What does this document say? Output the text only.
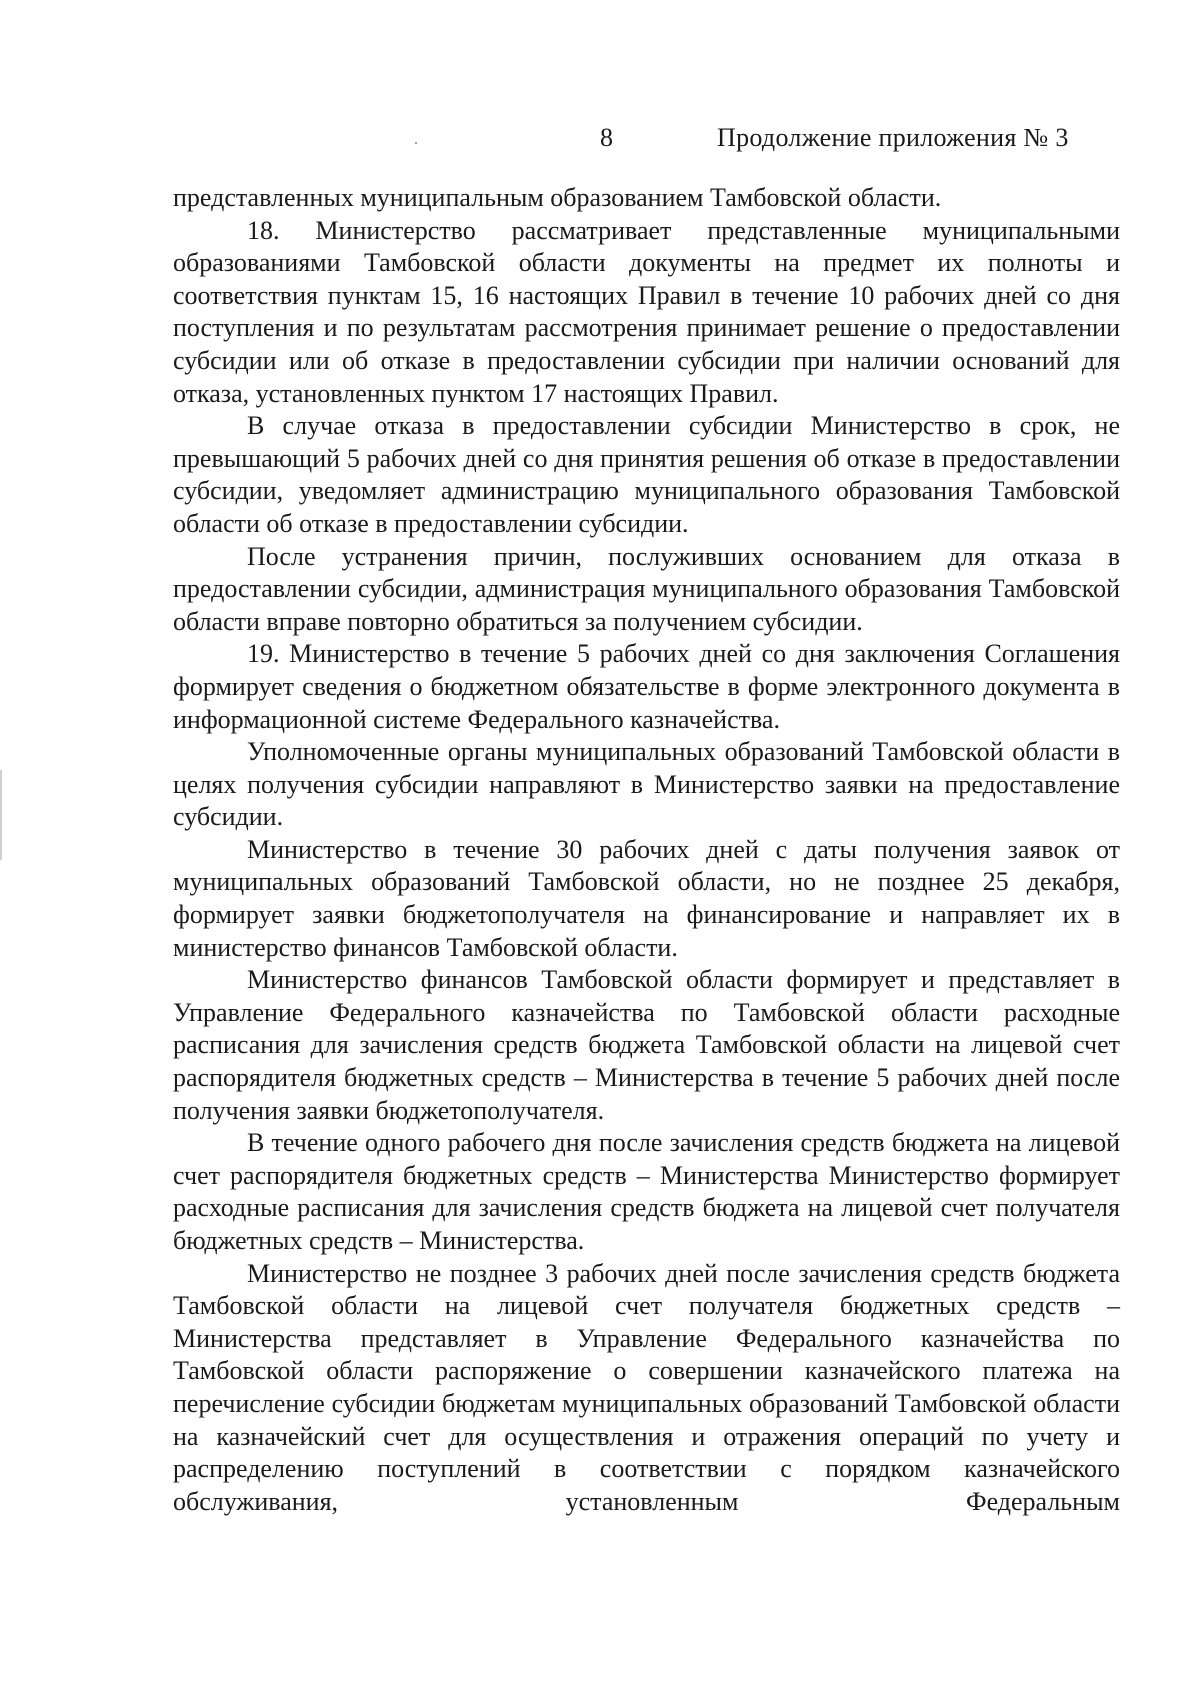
8	Продолжение приложения № 3

представленных муниципальным образованием Тамбовской области.

18. Министерство рассматривает представленные муниципальными образованиями Тамбовской области документы на предмет их полноты и соответствия пунктам 15, 16 настоящих Правил в течение 10 рабочих дней со дня поступления и по результатам рассмотрения принимает решение о предоставлении субсидии или об отказе в предоставлении субсидии при наличии оснований для отказа, установленных пунктом 17 настоящих Правил.

В случае отказа в предоставлении субсидии Министерство в срок, не превышающий 5 рабочих дней со дня принятия решения об отказе в предоставлении субсидии, уведомляет администрацию муниципального образования Тамбовской области об отказе в предоставлении субсидии.

После устранения причин, послуживших основанием для отказа в предоставлении субсидии, администрация муниципального образования Тамбовской области вправе повторно обратиться за получением субсидии.

19. Министерство в течение 5 рабочих дней со дня заключения Соглашения формирует сведения о бюджетном обязательстве в форме электронного документа в информационной системе Федерального казначейства.

Уполномоченные органы муниципальных образований Тамбовской области в целях получения субсидии направляют в Министерство заявки на предоставление субсидии.

Министерство в течение 30 рабочих дней с даты получения заявок от муниципальных образований Тамбовской области, но не позднее 25 декабря, формирует заявки бюджетополучателя на финансирование и направляет их в министерство финансов Тамбовской области.

Министерство финансов Тамбовской области формирует и представляет в Управление Федерального казначейства по Тамбовской области расходные расписания для зачисления средств бюджета Тамбовской области на лицевой счет распорядителя бюджетных средств – Министерства в течение 5 рабочих дней после получения заявки бюджетополучателя.

В течение одного рабочего дня после зачисления средств бюджета на лицевой счет распорядителя бюджетных средств – Министерства Министерство формирует расходные расписания для зачисления средств бюджета на лицевой счет получателя бюджетных средств – Министерства.

Министерство не позднее 3 рабочих дней после зачисления средств бюджета Тамбовской области на лицевой счет получателя бюджетных средств – Министерства представляет в Управление Федерального казначейства по Тамбовской области распоряжение о совершении казначейского платежа на перечисление субсидии бюджетам муниципальных образований Тамбовской области на казначейский счет для осуществления и отражения операций по учету и распределению поступлений в соответствии с порядком казначейского обслуживания, установленным Федеральным
